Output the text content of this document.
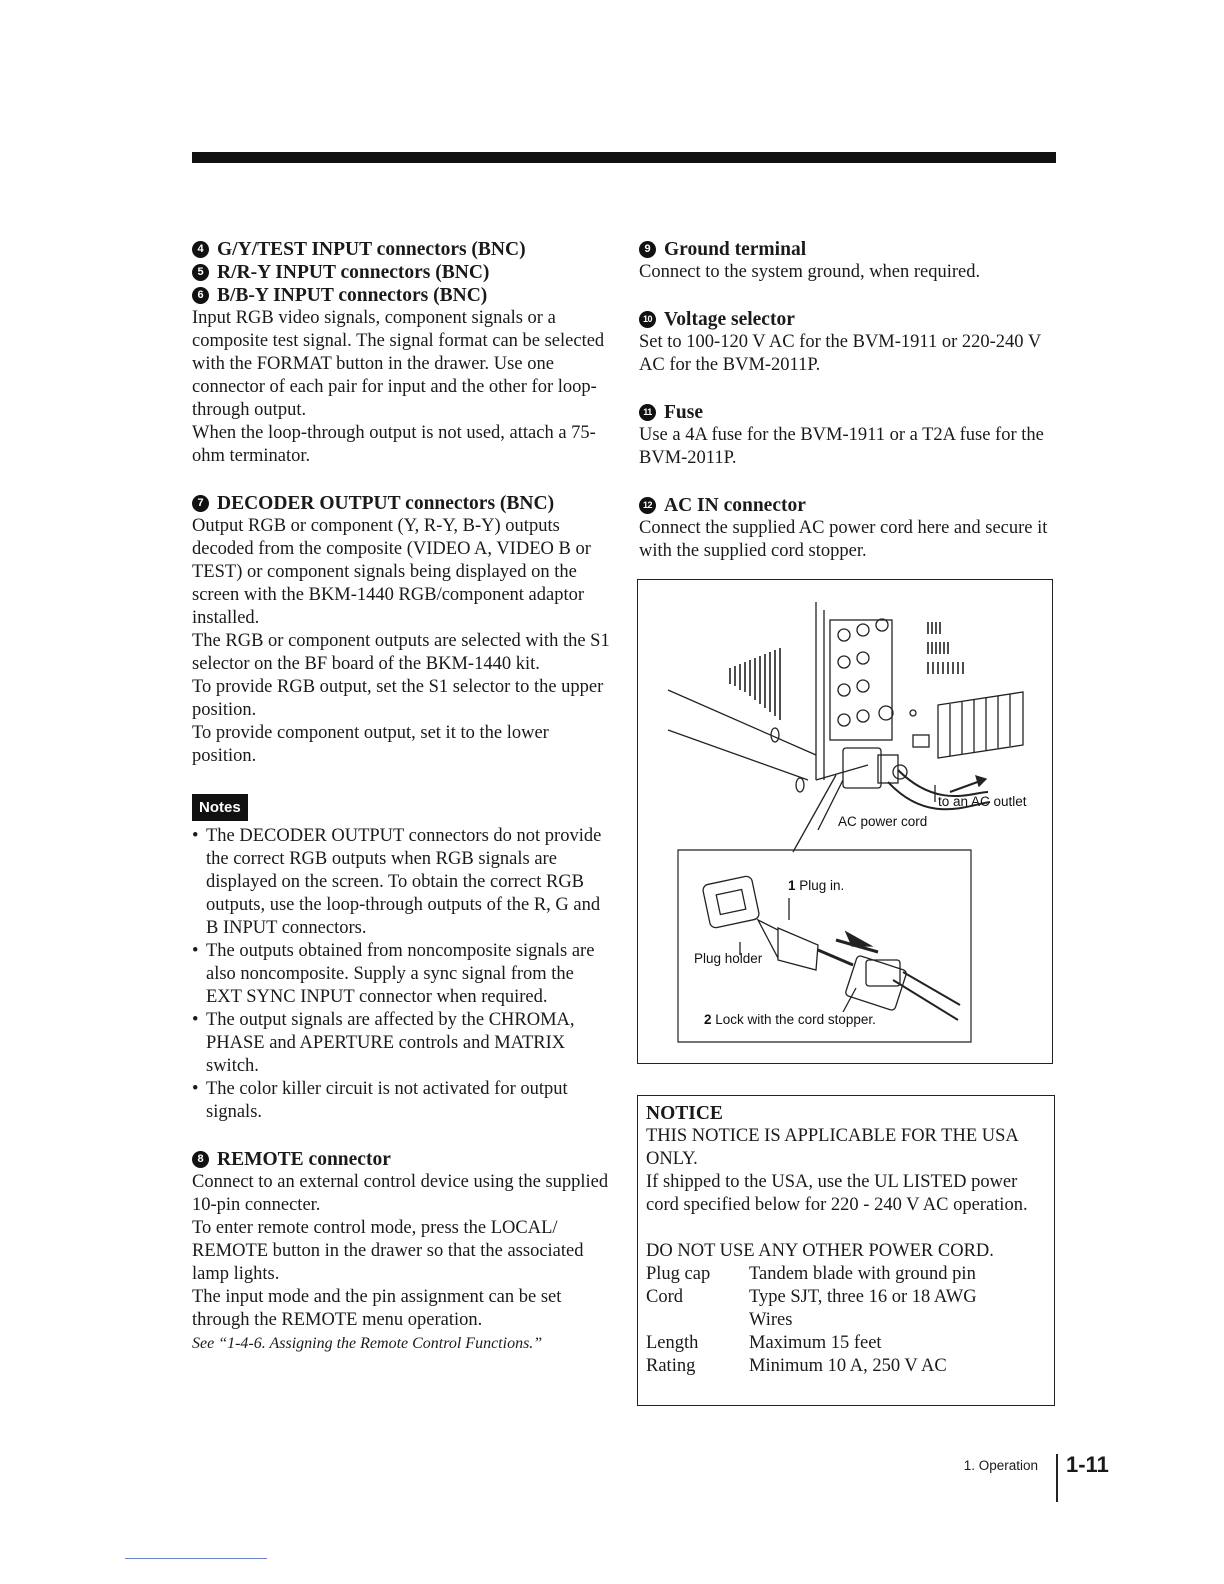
4 G/Y/TEST INPUT connectors (BNC)
5 R/R-Y INPUT connectors (BNC)
6 B/B-Y INPUT connectors (BNC)

Input RGB video signals, component signals or a composite test signal. The signal format can be selected with the FORMAT button in the drawer. Use one connector of each pair for input and the other for loop-through output.

When the loop-through output is not used, attach a 75-ohm terminator.

7 DECODER OUTPUT connectors (BNC)

Output RGB or component (Y, R-Y, B-Y) outputs decoded from the composite (VIDEO A, VIDEO B or TEST) or component signals being displayed on the screen with the BKM-1440 RGB/component adaptor installed.

The RGB or component outputs are selected with the S1 selector on the BF board of the BKM-1440 kit.

To provide RGB output, set the S1 selector to the upper position.

To provide component output, set it to the lower position.

Notes
• The DECODER OUTPUT connectors do not provide the correct RGB outputs when RGB signals are displayed on the screen. To obtain the correct RGB outputs, use the loop-through outputs of the R, G and B INPUT connectors.
• The outputs obtained from noncomposite signals are also noncomposite. Supply a sync signal from the EXT SYNC INPUT connector when required.
• The output signals are affected by the CHROMA, PHASE and APERTURE controls and MATRIX switch.
• The color killer circuit is not activated for output signals.
8 REMOTE connector

Connect to an external control device using the supplied 10-pin connecter.

To enter remote control mode, press the LOCAL/ REMOTE button in the drawer so that the associated lamp lights.

The input mode and the pin assignment can be set through the REMOTE menu operation.

See “1-4-6. Assigning the Remote Control Functions.”

9 Ground terminal

Connect to the system ground, when required.

10 Voltage selector

Set to 100-120 V AC for the BVM-1911 or 220-240 V AC for the BVM-2011P.

11 Fuse

Use a 4A fuse for the BVM-1911 or a T2A fuse for the BVM-2011P.

12 AC IN connector

Connect the supplied AC power cord here and secure it with the supplied cord stopper.

to an AC outlet
AC power cord
1 Plug in.
Plug holder
2 Lock with the cord stopper.
NOTICE
THIS NOTICE IS APPLICABLE FOR THE USA ONLY.
If shipped to the USA, use the UL LISTED power cord specified below for 220 - 240 V AC operation.
DO NOT USE ANY OTHER POWER CORD.
Plug cap	Tandem blade with ground pin
Cord	Type SJT, three 16 or 18 AWG Wires
Length	Maximum 15 feet
Rating	Minimum 10 A, 250 V AC
1. Operation 1-11
